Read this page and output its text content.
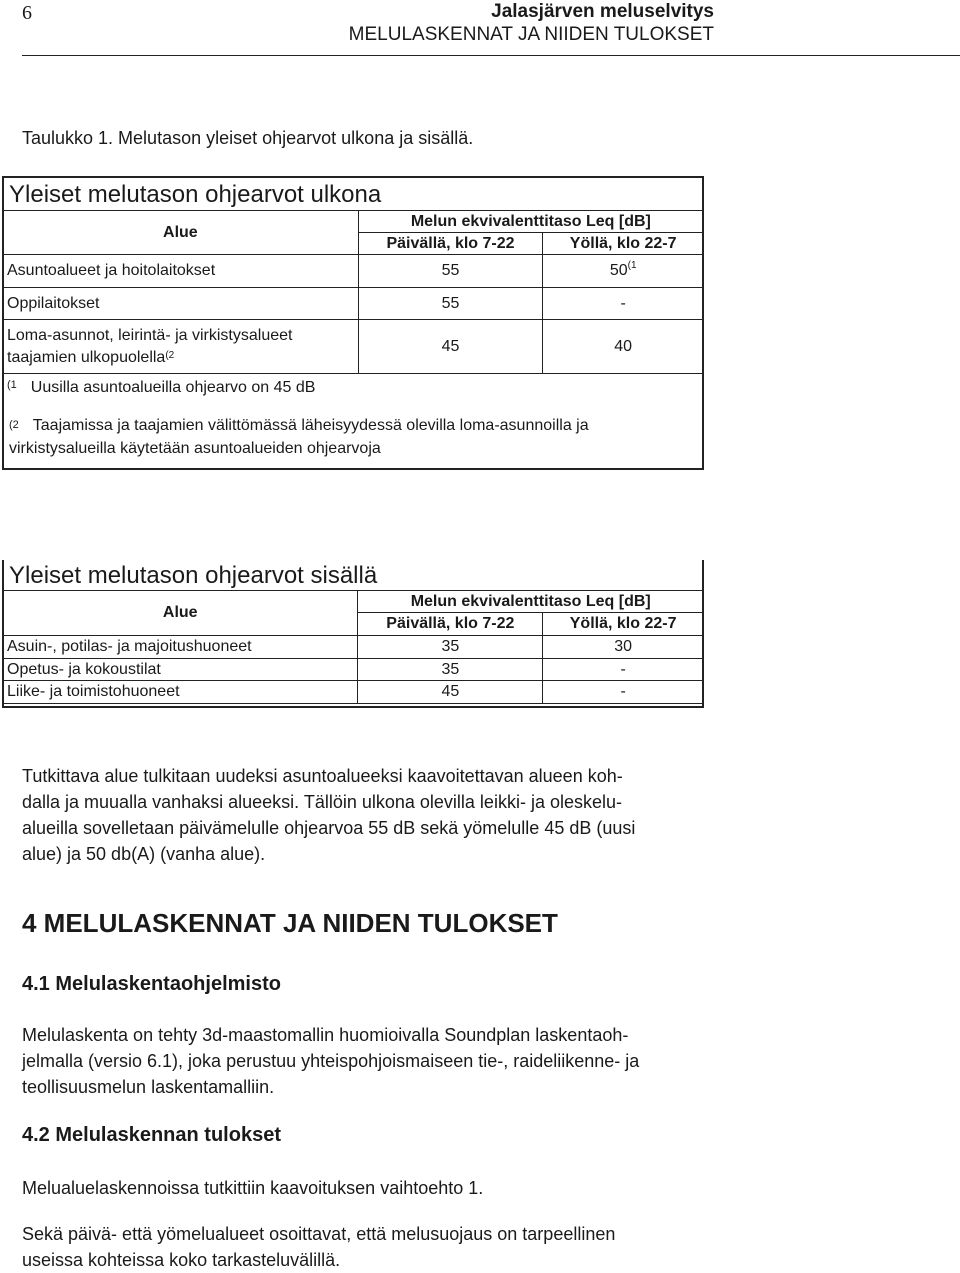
6	Jalasjärven meluselvitys
MELULASKENNAT JA NIIDEN TULOKSET
Taulukko 1. Melutason yleiset ohjearvot ulkona ja sisällä.
Yleiset melutason ohjearvot ulkona
Alue	Melun ekvivalenttitaso Leq [dB]	
	Päivällä, klo 7-22	Yöllä, klo 22-7
Asuntoalueet ja hoitolaitokset	55	50$^{(1}$
Oppilaitokset	55	-
Loma-asunnot, leirintä- ja virkistysalueet
taajamien ulkopuolella$^{(2}$	45	40
$^{(1}$ Uusilla asuntoalueilla ohjearvo on 45 dB		
$^{(2}$ Taajamissa ja taajamien välittömässä läheisyydessä olevilla loma-asunnoilla ja
virkistysalueilla käytetään asuntoalueiden ohjearvoja
Yleiset melutason ohjearvot sisällä
Alue	Melun ekvivalenttitaso Leq [dB]	
	Päivällä, klo 7-22	Yöllä, klo 22-7
Asuin-, potilas- ja majoitushuoneet	35	30
Opetus- ja kokoustilat	35	-
Liike- ja toimistohuoneet	45	-
Tutkittava alue tulkitaan uudeksi asuntoalueeksi kaavoitettavan alueen koh-
dalla ja muualla vanhaksi alueeksi. Tällöin ulkona olevilla leikki- ja oleskelu-
alueilla sovelletaan päivämelulle ohjearvoa 55 dB sekä yömelulle 45 dB (uusi
alue) ja 50 db(A) (vanha alue).
4 MELULASKENNAT JA NIIDEN TULOKSET
4.1 Melulaskentaohjelmisto
Melulaskenta on tehty 3d-maastomallin huomioivalla Soundplan laskentaoh-
jelmalla (versio 6.1), joka perustuu yhteispohjoismaiseen tie-, raideliikenne- ja
teollisuusmelun laskentamalliin.
4.2 Melulaskennan tulokset
Melualuelaskennoissa tutkittiin kaavoituksen vaihtoehto 1.
Sekä päivä- että yömelualueet osoittavat, että melusuojaus on tarpeellinen
useissa kohteissa koko tarkasteluvälillä.
